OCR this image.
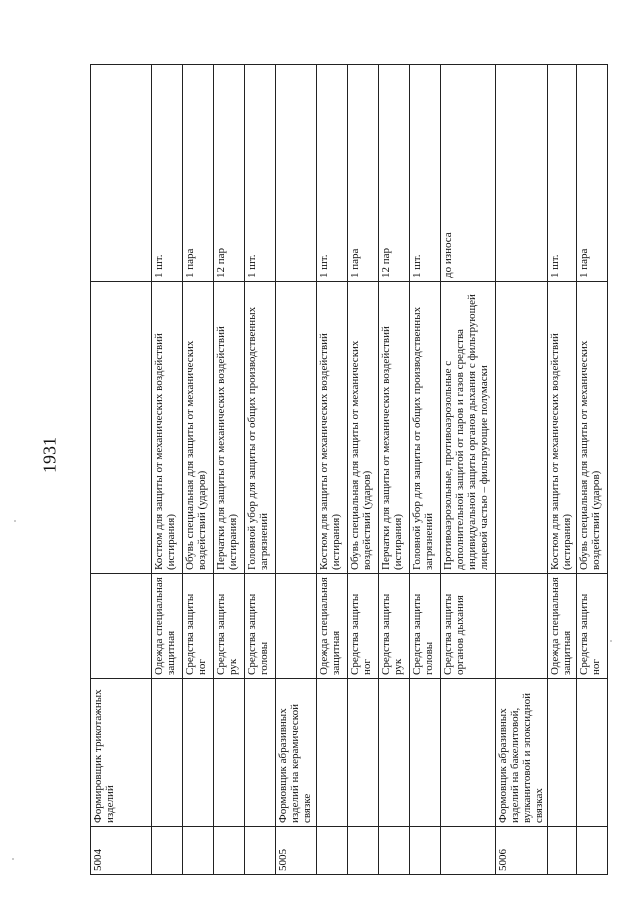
1931
5004	Формировщик трикотажных изделий			
		Одежда специальная защитная	Костюм для защиты от механических воздействий (истирания)	1 шт.
		Средства защиты ног	Обувь специальная для защиты от механических воздействий (ударов)	1 пара
		Средства защиты рук	Перчатки для защиты от механических воздействий (истирания)	12 пар
		Средства защиты головы	Головной убор для защиты от общих производственных загрязнений	1 шт.
5005	Формовщик абразивных изделий на керамической связке			
		Одежда специальная защитная	Костюм для защиты от механических воздействий (истирания)	1 шт.
		Средства защиты ног	Обувь специальная для защиты от механических воздействий (ударов)	1 пара
		Средства защиты рук	Перчатки для защиты от механических воздействий (истирания)	12 пар
		Средства защиты головы	Головной убор для защиты от общих производственных загрязнений	1 шт.
		Средства защиты органов дыхания	Противоаэрозольные, противоаэрозольные с дополнительной защитой от паров и газов средства индивидуальной защиты органов дыхания с фильтрующей лицевой частью – фильтрующие полумаски	до износа
5006	Формовщик абразивных изделий на бакелитовой, вулканитовой и эпоксидной связках			
		Одежда специальная защитная	Костюм для защиты от механических воздействий (истирания)	1 шт.
		Средства защиты ног	Обувь специальная для защиты от механических воздействий (ударов)	1 пара
